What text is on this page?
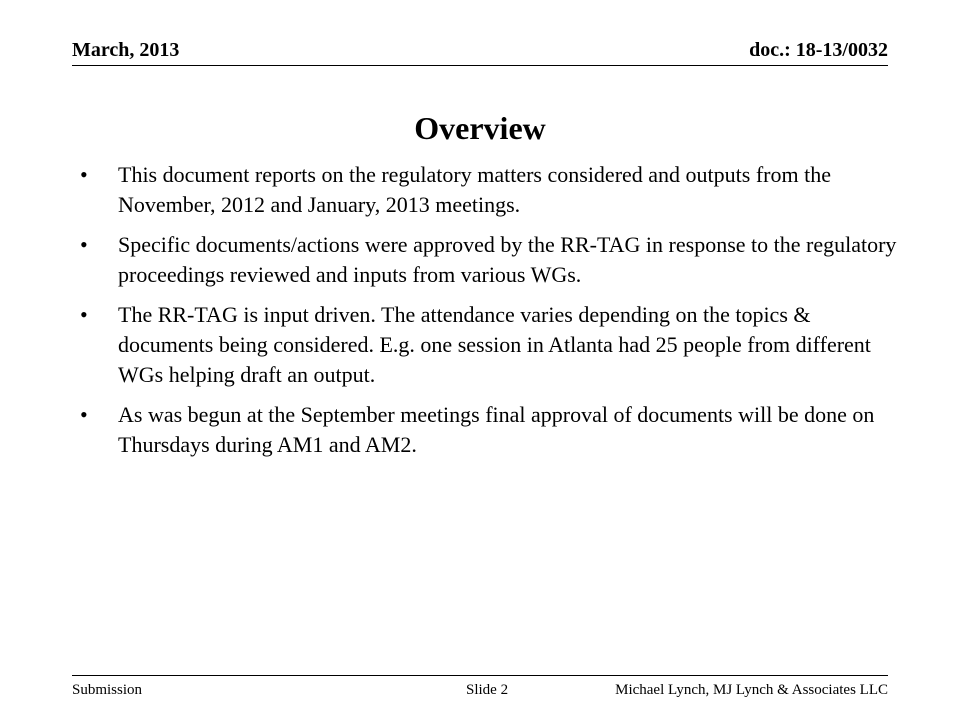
March, 2013	doc.: 18-13/0032
Overview
• This document reports on the regulatory matters considered and outputs from the November, 2012 and January, 2013 meetings.
• Specific documents/actions were approved by the RR-TAG in response to the regulatory proceedings reviewed and inputs from various WGs.
• The RR-TAG is input driven. The attendance varies depending on the topics & documents being considered. E.g. one session in Atlanta had 25 people from different WGs helping draft an output.
• As was begun at the September meetings final approval of documents will be done on Thursdays during AM1 and AM2.
Submission	Slide 2	Michael Lynch, MJ Lynch & Associates LLC
